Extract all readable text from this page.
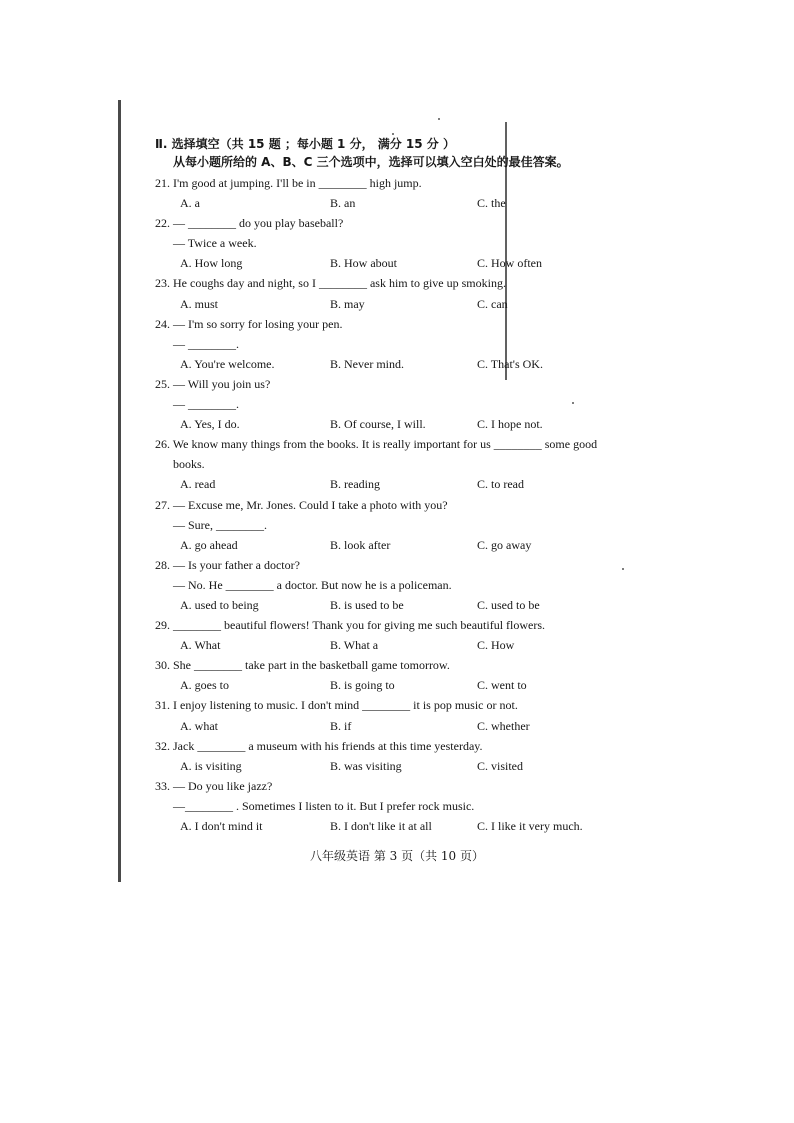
Ⅱ. 选择填空（共 15 题 ；每小题 1 分， 满分 15 分 ）
从每小题所给的 A、B、C 三个选项中，选择可以填入空白处的最佳答案。
21. I'm good at jumping. I'll be in ________ high jump.
A. a	B. an	C. the
22. — ________ do you play baseball?
— Twice a week.
A. How long	B. How about	C. How often
23. He coughs day and night, so I ________ ask him to give up smoking.
A. must	B. may	C. can
24. — I'm so sorry for losing your pen.
— ________.
A. You're welcome.	B. Never mind.	C. That's OK.
25. — Will you join us?
— ________.
A. Yes, I do.	B. Of course, I will.	C. I hope not.
26. We know many things from the books. It is really important for us ________ some good
books.
A. read	B. reading	C. to read
27. — Excuse me, Mr. Jones. Could I take a photo with you?
— Sure, ________.
A. go ahead	B. look after	C. go away
28. — Is your father a doctor?
— No. He ________ a doctor. But now he is a policeman.
A. used to being	B. is used to be	C. used to be
29. ________ beautiful flowers! Thank you for giving me such beautiful flowers.
A. What	B. What a	C. How
30. She ________ take part in the basketball game tomorrow.
A. goes to	B. is going to	C. went to
31. I enjoy listening to music. I don't mind ________ it is pop music or not.
A. what	B. if	C. whether
32. Jack ________ a museum with his friends at this time yesterday.
A. is visiting	B. was visiting	C. visited
33. — Do you like jazz?
—________ . Sometimes I listen to it. But I prefer rock music.
A. I don't mind it	B. I don't like it at all	C. I like it very much.
八年级英语 第 3 页（共 10 页）
